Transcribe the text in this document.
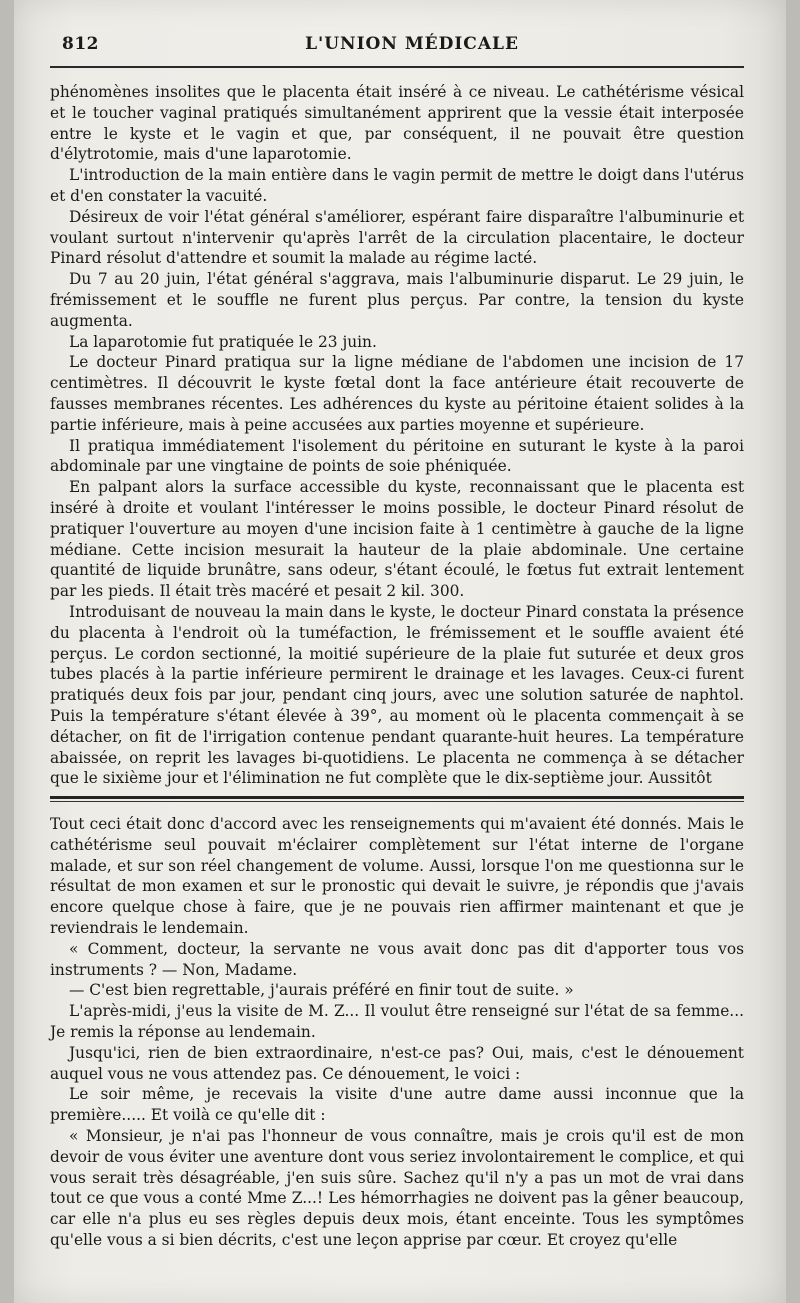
812	L'UNION MÉDICALE

phénomènes insolites que le placenta était inséré à ce niveau. Le cathétérisme vésical et le toucher vaginal pratiqués simultanément apprirent que la vessie était interposée entre le kyste et le vagin et que, par conséquent, il ne pouvait être question d'élytrotomie, mais d'une laparotomie.

L'introduction de la main entière dans le vagin permit de mettre le doigt dans l'utérus et d'en constater la vacuité.

Désireux de voir l'état général s'améliorer, espérant faire disparaître l'albuminurie et voulant surtout n'intervenir qu'après l'arrêt de la circulation placentaire, le docteur Pinard résolut d'attendre et soumit la malade au régime lacté.

Du 7 au 20 juin, l'état général s'aggrava, mais l'albuminurie disparut. Le 29 juin, le frémissement et le souffle ne furent plus perçus. Par contre, la tension du kyste augmenta.

La laparotomie fut pratiquée le 23 juin.

Le docteur Pinard pratiqua sur la ligne médiane de l'abdomen une incision de 17 centimètres. Il découvrit le kyste fœtal dont la face antérieure était recouverte de fausses membranes récentes. Les adhérences du kyste au péritoine étaient solides à la partie inférieure, mais à peine accusées aux parties moyenne et supérieure.

Il pratiqua immédiatement l'isolement du péritoine en suturant le kyste à la paroi abdominale par une vingtaine de points de soie phéniquée.

En palpant alors la surface accessible du kyste, reconnaissant que le placenta est inséré à droite et voulant l'intéresser le moins possible, le docteur Pinard résolut de pratiquer l'ouverture au moyen d'une incision faite à 1 centimètre à gauche de la ligne médiane. Cette incision mesurait la hauteur de la plaie abdominale. Une certaine quantité de liquide brunâtre, sans odeur, s'étant écoulé, le fœtus fut extrait lentement par les pieds. Il était très macéré et pesait 2 kil. 300.

Introduisant de nouveau la main dans le kyste, le docteur Pinard constata la présence du placenta à l'endroit où la tuméfaction, le frémissement et le souffle avaient été perçus. Le cordon sectionné, la moitié supérieure de la plaie fut suturée et deux gros tubes placés à la partie inférieure permirent le drainage et les lavages. Ceux-ci furent pratiqués deux fois par jour, pendant cinq jours, avec une solution saturée de naphtol. Puis la température s'étant élevée à 39°, au moment où le placenta commençait à se détacher, on fit de l'irrigation contenue pendant quarante-huit heures. La température abaissée, on reprit les lavages bi-quotidiens. Le placenta ne commença à se détacher que le sixième jour et l'élimination ne fut complète que le dix-septième jour. Aussitôt

Tout ceci était donc d'accord avec les renseignements qui m'avaient été donnés. Mais le cathétérisme seul pouvait m'éclairer complètement sur l'état interne de l'organe malade, et sur son réel changement de volume. Aussi, lorsque l'on me questionna sur le résultat de mon examen et sur le pronostic qui devait le suivre, je répondis que j'avais encore quelque chose à faire, que je ne pouvais rien affirmer maintenant et que je reviendrais le lendemain.

« Comment, docteur, la servante ne vous avait donc pas dit d'apporter tous vos instruments ? — Non, Madame.

— C'est bien regrettable, j'aurais préféré en finir tout de suite. »

L'après-midi, j'eus la visite de M. Z... Il voulut être renseigné sur l'état de sa femme... Je remis la réponse au lendemain.

Jusqu'ici, rien de bien extraordinaire, n'est-ce pas? Oui, mais, c'est le dénouement auquel vous ne vous attendez pas. Ce dénouement, le voici :

Le soir même, je recevais la visite d'une autre dame aussi inconnue que la première..... Et voilà ce qu'elle dit :

« Monsieur, je n'ai pas l'honneur de vous connaître, mais je crois qu'il est de mon devoir de vous éviter une aventure dont vous seriez involontairement le complice, et qui vous serait très désagréable, j'en suis sûre. Sachez qu'il n'y a pas un mot de vrai dans tout ce que vous a conté Mme Z...! Les hémorrhagies ne doivent pas la gêner beaucoup, car elle n'a plus eu ses règles depuis deux mois, étant enceinte. Tous les symptômes qu'elle vous a si bien décrits, c'est une leçon apprise par cœur. Et croyez qu'elle
